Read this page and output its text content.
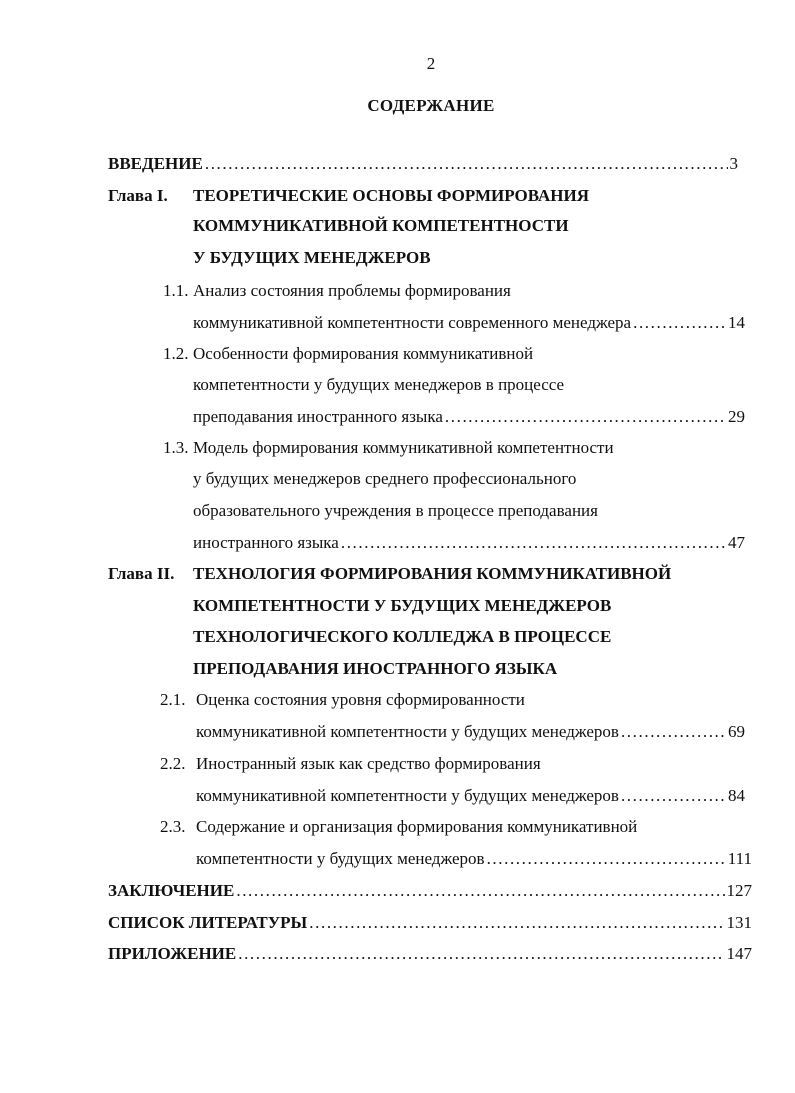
2
СОДЕРЖАНИЕ
ВВЕДЕНИЕ .....	3
Глава I. ТЕОРЕТИЧЕСКИЕ ОСНОВЫ ФОРМИРОВАНИЯ
КОММУНИКАТИВНОЙ КОМПЕТЕНТНОСТИ
У БУДУЩИХ МЕНЕДЖЕРОВ
1.1. Анализ состояния проблемы формирования
коммуникативной компетентности современного менеджера .....	14
1.2. Особенности формирования коммуникативной
компетентности у будущих менеджеров в процессе
преподавания иностранного языка .....	29
1.3. Модель формирования коммуникативной компетентности
у будущих менеджеров среднего профессионального
образовательного учреждения в процессе преподавания
иностранного языка .....	47
Глава II. ТЕХНОЛОГИЯ ФОРМИРОВАНИЯ КОММУНИКАТИВНОЙ
КОМПЕТЕНТНОСТИ У БУДУЩИХ МЕНЕДЖЕРОВ
ТЕХНОЛОГИЧЕСКОГО КОЛЛЕДЖА В ПРОЦЕССЕ
ПРЕПОДАВАНИЯ ИНОСТРАННОГО ЯЗЫКА
2.1. Оценка состояния уровня сформированности
коммуникативной компетентности у будущих менеджеров .....	69
2.2. Иностранный язык как средство формирования
коммуникативной компетентности у будущих менеджеров .....	84
2.3. Содержание и организация формирования коммуникативной
компетентности у будущих менеджеров .....	111
ЗАКЛЮЧЕНИЕ .....	127
СПИСОК ЛИТЕРАТУРЫ .....	131
ПРИЛОЖЕНИЕ .....	147
